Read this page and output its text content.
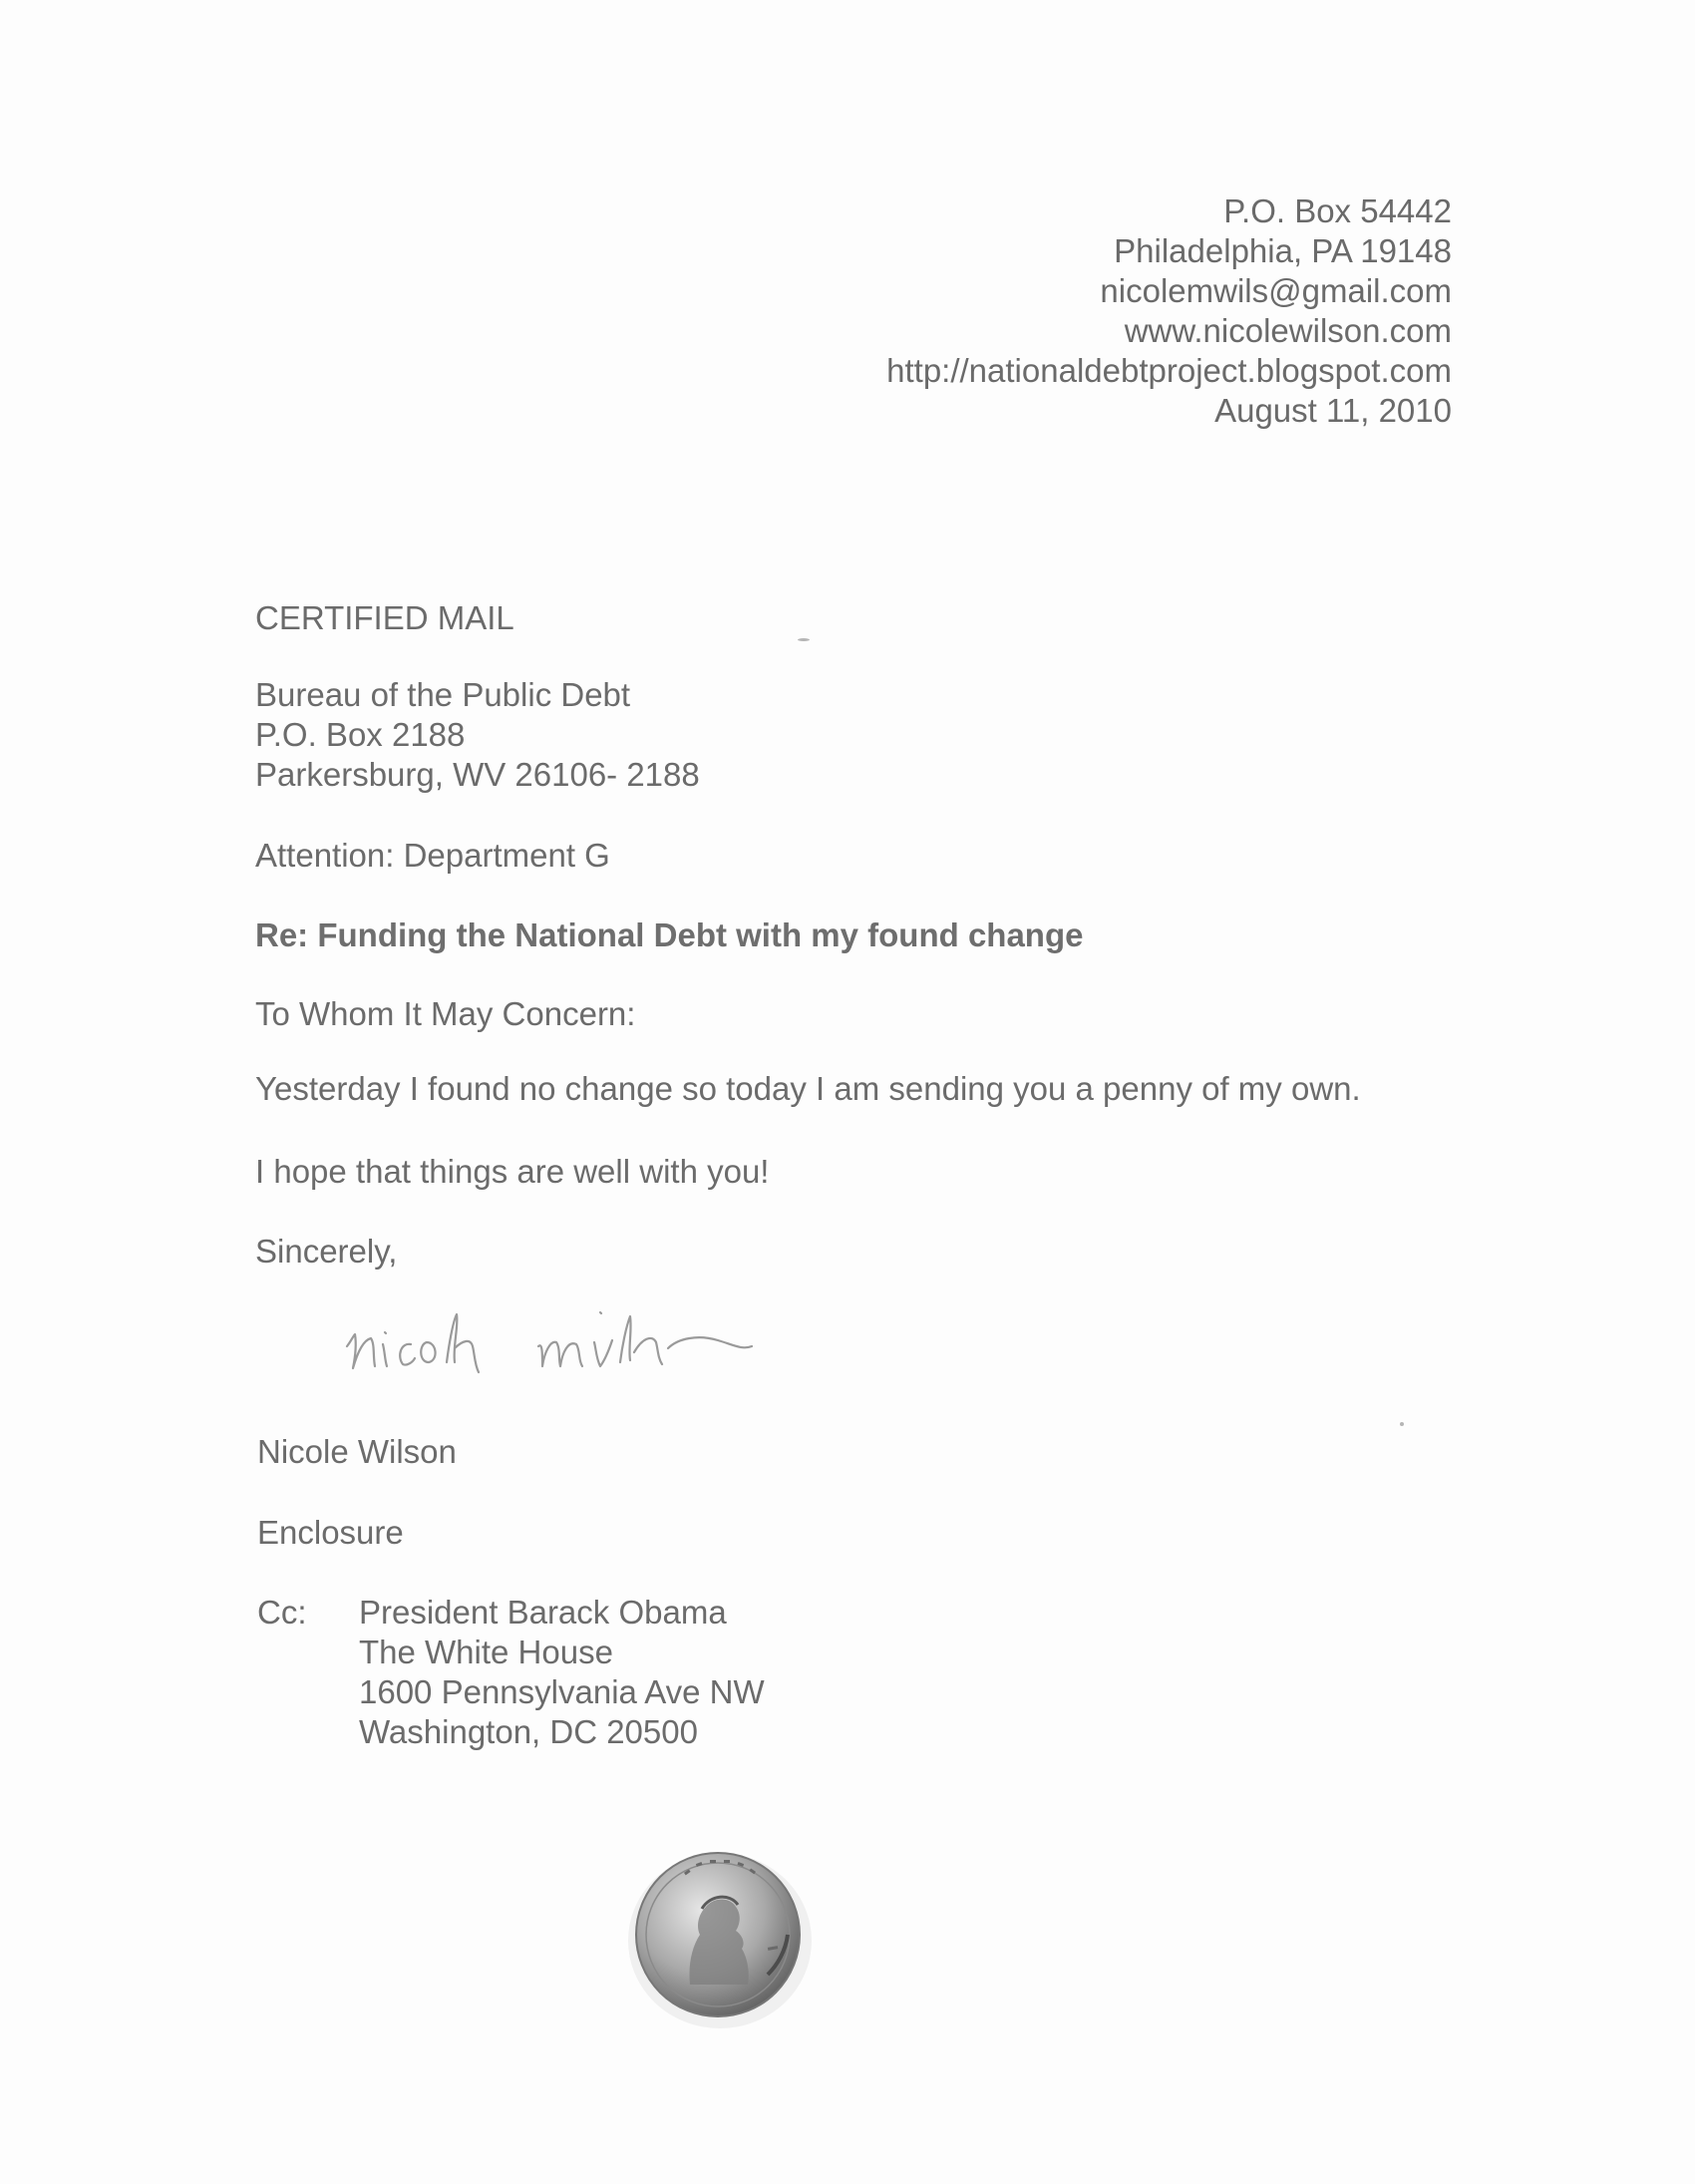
P.O. Box 54442
Philadelphia, PA 19148
nicolemwils@gmail.com
www.nicolewilson.com
http://nationaldebtproject.blogspot.com
August 11, 2010
CERTIFIED MAIL
Bureau of the Public Debt
P.O. Box 2188
Parkersburg, WV 26106- 2188
Attention: Department G
Re: Funding the National Debt with my found change
To Whom It May Concern:
Yesterday I found no change so today I am sending you a penny of my own.
I hope that things are well with you!
Sincerely,
Nicole Wilson
Enclosure
Cc: President Barack Obama
The White House
1600 Pennsylvania Ave NW
Washington, DC 20500
